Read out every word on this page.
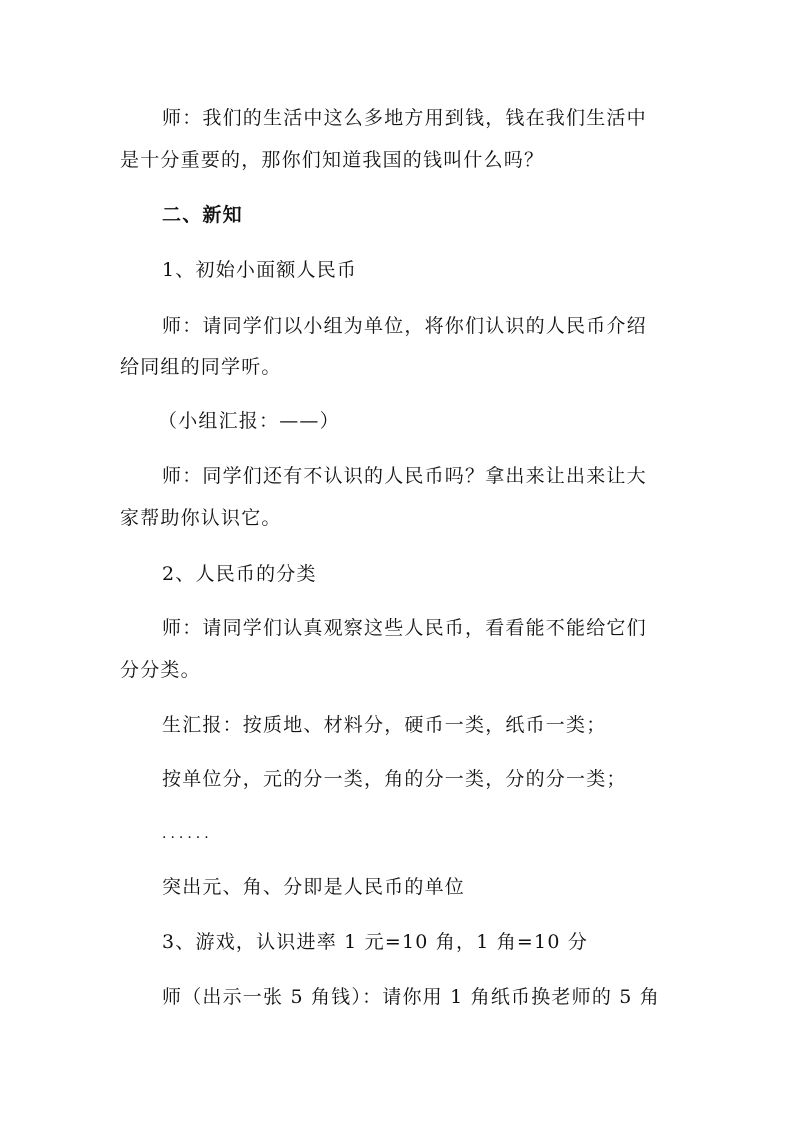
师：我们的生活中这么多地方用到钱，钱在我们生活中
是十分重要的，那你们知道我国的钱叫什么吗？
二、新知
1、初始小面额人民币
师：请同学们以小组为单位，将你们认识的人民币介绍
给同组的同学听。
（小组汇报：——）
师：同学们还有不认识的人民币吗？拿出来让出来让大
家帮助你认识它。
2、人民币的分类
师：请同学们认真观察这些人民币，看看能不能给它们
分分类。
生汇报：按质地、材料分，硬币一类，纸币一类；
按单位分，元的分一类，角的分一类，分的分一类；
······
突出元、角、分即是人民币的单位
3、游戏，认识进率 1 元=10 角，1 角=10 分
师（出示一张 5 角钱）：请你用 1 角纸币换老师的 5 角
